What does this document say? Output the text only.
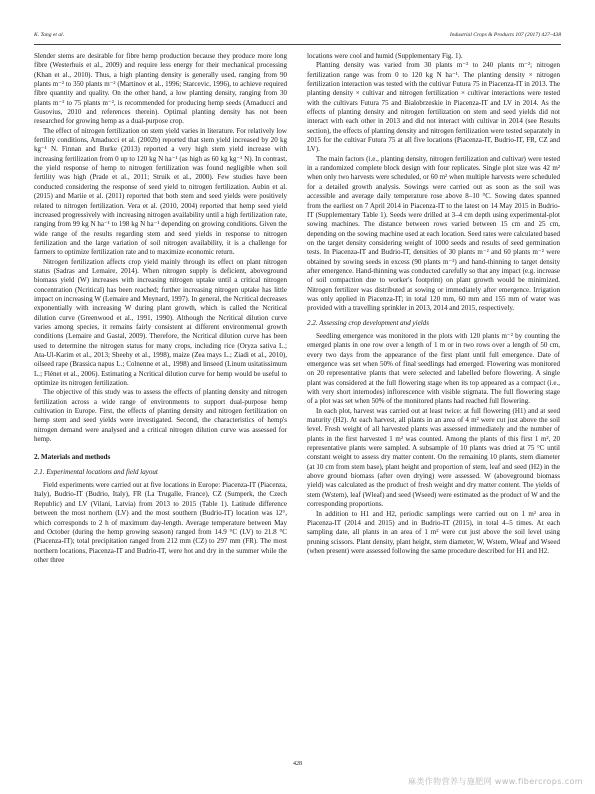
K. Tang et al.	Industrial Crops & Products 107 (2017) 427–438

Slender stems are desirable for fibre hemp production because they produce more long fibre (Westerhuis et al., 2009) and require less energy for their mechanical processing (Khan et al., 2010). Thus, a high planting density is generally used, ranging from 90 plants m⁻² to 350 plants m⁻² (Martinov et al., 1996; Starcevic, 1996), to achieve required fibre quantity and quality. On the other hand, a low planting density, ranging from 30 plants m⁻² to 75 plants m⁻², is recommended for producing hemp seeds (Amaducci and Gusovius, 2010 and references therein). Optimal planting density has not been researched for growing hemp as a dual-purpose crop.

The effect of nitrogen fertilization on stem yield varies in literature. For relatively low fertility conditions, Amaducci et al. (2002b) reported that stem yield increased by 20 kg kg⁻¹ N. Finnan and Burke (2013) reported a very high stem yield increase with increasing fertilization from 0 up to 120 kg N ha⁻¹ (as high as 60 kg kg⁻¹ N). In contrast, the yield response of hemp to nitrogen fertilization was found negligible when soil fertility was high (Prade et al., 2011; Struik et al., 2000). Few studies have been conducted considering the response of seed yield to nitrogen fertilization. Aubin et al. (2015) and Mariie et al. (2011) reported that both stem and seed yields were positively related to nitrogen fertilization. Vera et al. (2010, 2004) reported that hemp seed yield increased progressively with increasing nitrogen availability until a high fertilization rate, ranging from 99 kg N ha⁻¹ to 198 kg N ha⁻¹ depending on growing conditions. Given the wide range of the results regarding stem and seed yields in response to nitrogen fertilization and the large variation of soil nitrogen availability, it is a challenge for farmers to optimize fertilization rate and to maximize economic return.

Nitrogen fertilization affects crop yield mainly through its effect on plant nitrogen status (Sadras and Lemaire, 2014). When nitrogen supply is deficient, aboveground biomass yield (W) increases with increasing nitrogen uptake until a critical nitrogen concentration (Ncritical) has been reached; further increasing nitrogen uptake has little impact on increasing W (Lemaire and Meynard, 1997). In general, the Ncritical decreases exponentially with increasing W during plant growth, which is called the Ncritical dilution curve (Greenwood et al., 1991, 1990). Although the Ncritical dilution curve varies among species, it remains fairly consistent at different environmental growth conditions (Lemaire and Gastal, 2009). Therefore, the Ncritical dilution curve has been used to determine the nitrogen status for many crops, including rice (Oryza sativa L.; Ata-Ul-Karim et al., 2013; Sheehy et al., 1998), maize (Zea mays L.; Ziadi et al., 2010), oilseed rape (Brassica napus L.; Colnenne et al., 1998) and linseed (Linum usitatissimum L.; Flénet et al., 2006). Estimating a Ncritical dilution curve for hemp would be useful to optimize its nitrogen fertilization.

The objective of this study was to assess the effects of planting density and nitrogen fertilization across a wide range of environments to support dual-purpose hemp cultivation in Europe. First, the effects of planting density and nitrogen fertilization on hemp stem and seed yields were investigated. Second, the characteristics of hemp's nitrogen demand were analysed and a critical nitrogen dilution curve was assessed for hemp.

2. Materials and methods
2.1. Experimental locations and field layout

Field experiments were carried out at five locations in Europe: Piacenza-IT (Piacenza, Italy), Budrio-IT (Budrio, Italy), FR (La Trugalle, France), CZ (Sumperk, the Czech Republic) and LV (Vilani, Latvia) from 2013 to 2015 (Table 1). Latitude difference between the most northern (LV) and the most southern (Budrio-IT) location was 12°, which corresponds to 2 h of maximum day-length. Average temperature between May and October (during the hemp growing season) ranged from 14.9 °C (LV) to 21.8 °C (Piacenza-IT); total precipitation ranged from 212 mm (CZ) to 297 mm (FR). The most northern locations, Piacenza-IT and Budrio-IT, were hot and dry in the summer while the other three

locations were cool and humid (Supplementary Fig. 1).

Planting density was varied from 30 plants m⁻² to 240 plants m⁻²; nitrogen fertilization range was from 0 to 120 kg N ha⁻¹. The planting density × nitrogen fertilization interaction was tested with the cultivar Futura 75 in Piacenza-IT in 2013. The planting density × cultivar and nitrogen fertilization × cultivar interactions were tested with the cultivars Futura 75 and Bialobrzeskie in Piacenza-IT and LV in 2014. As the effects of planting density and nitrogen fertilization on stem and seed yields did not interact with each other in 2013 and did not interact with cultivar in 2014 (see Results section), the effects of planting density and nitrogen fertilization were tested separately in 2015 for the cultivar Futura 75 at all five locations (Piacenza-IT, Budrio-IT, FR, CZ and LV).

The main factors (i.e., planting density, nitrogen fertilization and cultivar) were tested in a randomized complete block design with four replicates. Single plot size was 42 m² when only two harvests were scheduled, or 60 m² when multiple harvests were scheduled for a detailed growth analysis. Sowings were carried out as soon as the soil was accessible and average daily temperature rose above 8–10 °C. Sowing dates spanned from the earliest on 7 April 2014 in Piacenza-IT to the latest on 14 May 2015 in Budrio-IT (Supplementary Table 1). Seeds were drilled at 3–4 cm depth using experimental-plot sowing machines. The distance between rows varied between 15 cm and 25 cm, depending on the sowing machine used at each location. Seed rates were calculated based on the target density considering weight of 1000 seeds and results of seed germination tests. In Piacenza-IT and Budrio-IT, densities of 30 plants m⁻² and 60 plants m⁻² were obtained by sowing seeds in excess (90 plants m⁻²) and hand-thinning to target density after emergence. Hand-thinning was conducted carefully so that any impact (e.g. increase of soil compaction due to worker's footprint) on plant growth would be minimized. Nitrogen fertilizer was distributed at sowing or immediately after emergence. Irrigation was only applied in Piacenza-IT; in total 120 mm, 60 mm and 155 mm of water was provided with a travelling sprinkler in 2013, 2014 and 2015, respectively.

2.2. Assessing crop development and yields

Seedling emergence was monitored in the plots with 120 plants m⁻² by counting the emerged plants in one row over a length of 1 m or in two rows over a length of 50 cm, every two days from the appearance of the first plant until full emergence. Date of emergence was set when 50% of final seedlings had emerged. Flowering was monitored on 20 representative plants that were selected and labelled before flowering. A single plant was considered at the full flowering stage when its top appeared as a compact (i.e., with very short internodes) inflorescence with visible stigmata. The full flowering stage of a plot was set when 50% of the monitored plants had reached full flowering.

In each plot, harvest was carried out at least twice: at full flowering (H1) and at seed maturity (H2). At each harvest, all plants in an area of 4 m² were cut just above the soil level. Fresh weight of all harvested plants was assessed immediately and the number of plants in the first harvested 1 m² was counted. Among the plants of this first 1 m², 20 representative plants were sampled. A subsample of 10 plants was dried at 75 °C until constant weight to assess dry matter content. On the remaining 10 plants, stem diameter (at 10 cm from stem base), plant height and proportion of stem, leaf and seed (H2) in the above ground biomass (after oven drying) were assessed. W (aboveground biomass yield) was calculated as the product of fresh weight and dry matter content. The yields of stem (Wstem), leaf (Wleaf) and seed (Wseed) were estimated as the product of W and the corresponding proportions.

In addition to H1 and H2, periodic samplings were carried out on 1 m² area in Piacenza-IT (2014 and 2015) and in Budrio-IT (2015), in total 4–5 times. At each sampling date, all plants in an area of 1 m² were cut just above the soil level using pruning scissors. Plant density, plant height, stem diameter, W, Wstem, Wleaf and Wseed (when present) were assessed following the same procedure described for H1 and H2.

428
麻类作物营养与施肥网 www.fibercrops.com
